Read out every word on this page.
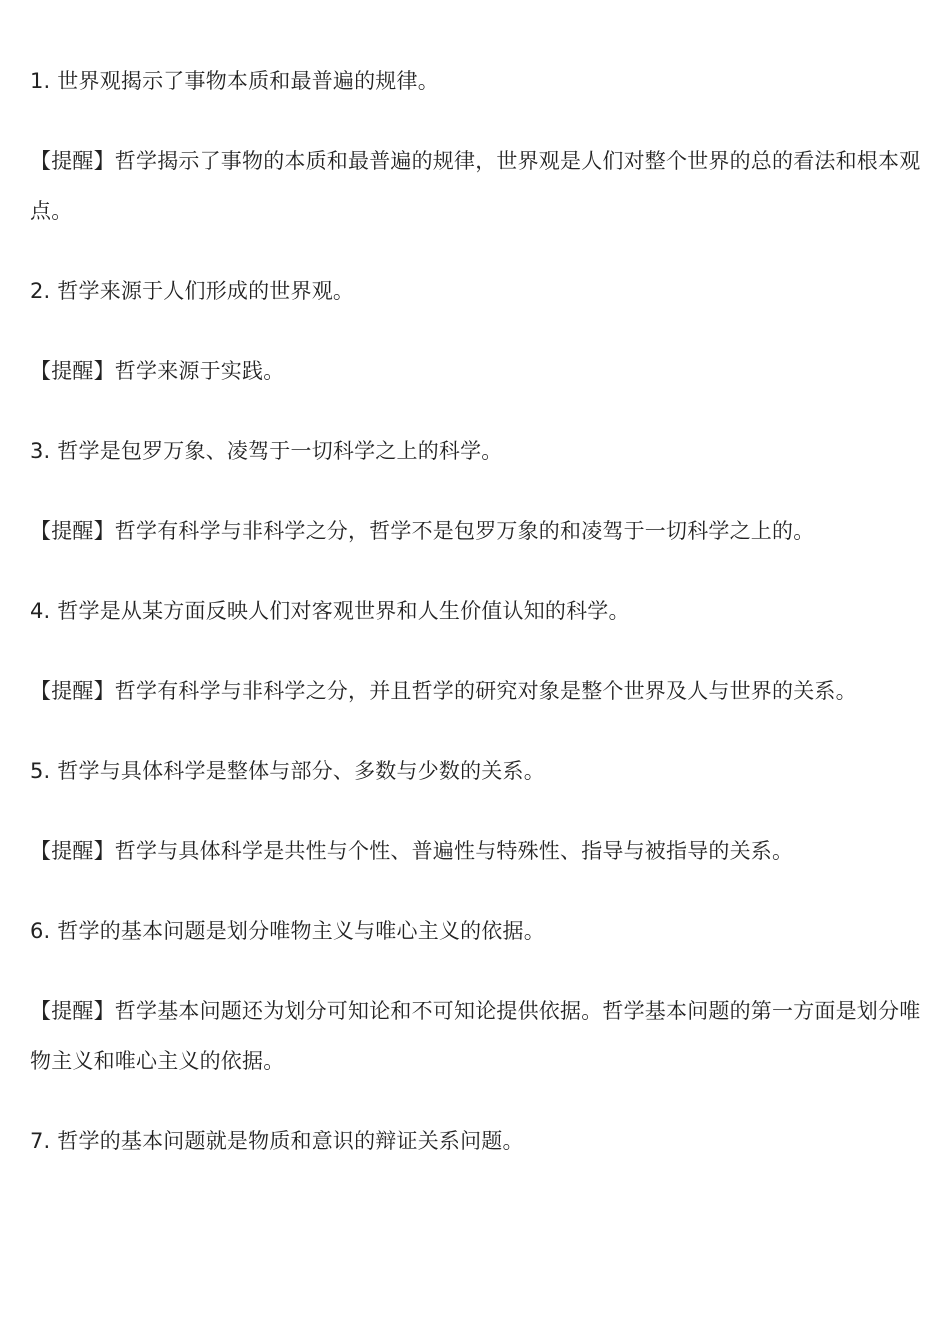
1. 世界观揭示了事物本质和最普遍的规律。

【提醒】哲学揭示了事物的本质和最普遍的规律，世界观是人们对整个世界的总的看法和根本观点。

2. 哲学来源于人们形成的世界观。

【提醒】哲学来源于实践。

3. 哲学是包罗万象、凌驾于一切科学之上的科学。

【提醒】哲学有科学与非科学之分，哲学不是包罗万象的和凌驾于一切科学之上的。

4. 哲学是从某方面反映人们对客观世界和人生价值认知的科学。

【提醒】哲学有科学与非科学之分，并且哲学的研究对象是整个世界及人与世界的关系。

5. 哲学与具体科学是整体与部分、多数与少数的关系。

【提醒】哲学与具体科学是共性与个性、普遍性与特殊性、指导与被指导的关系。

6. 哲学的基本问题是划分唯物主义与唯心主义的依据。

【提醒】哲学基本问题还为划分可知论和不可知论提供依据。哲学基本问题的第一方面是划分唯物主义和唯心主义的依据。

7. 哲学的基本问题就是物质和意识的辩证关系问题。
